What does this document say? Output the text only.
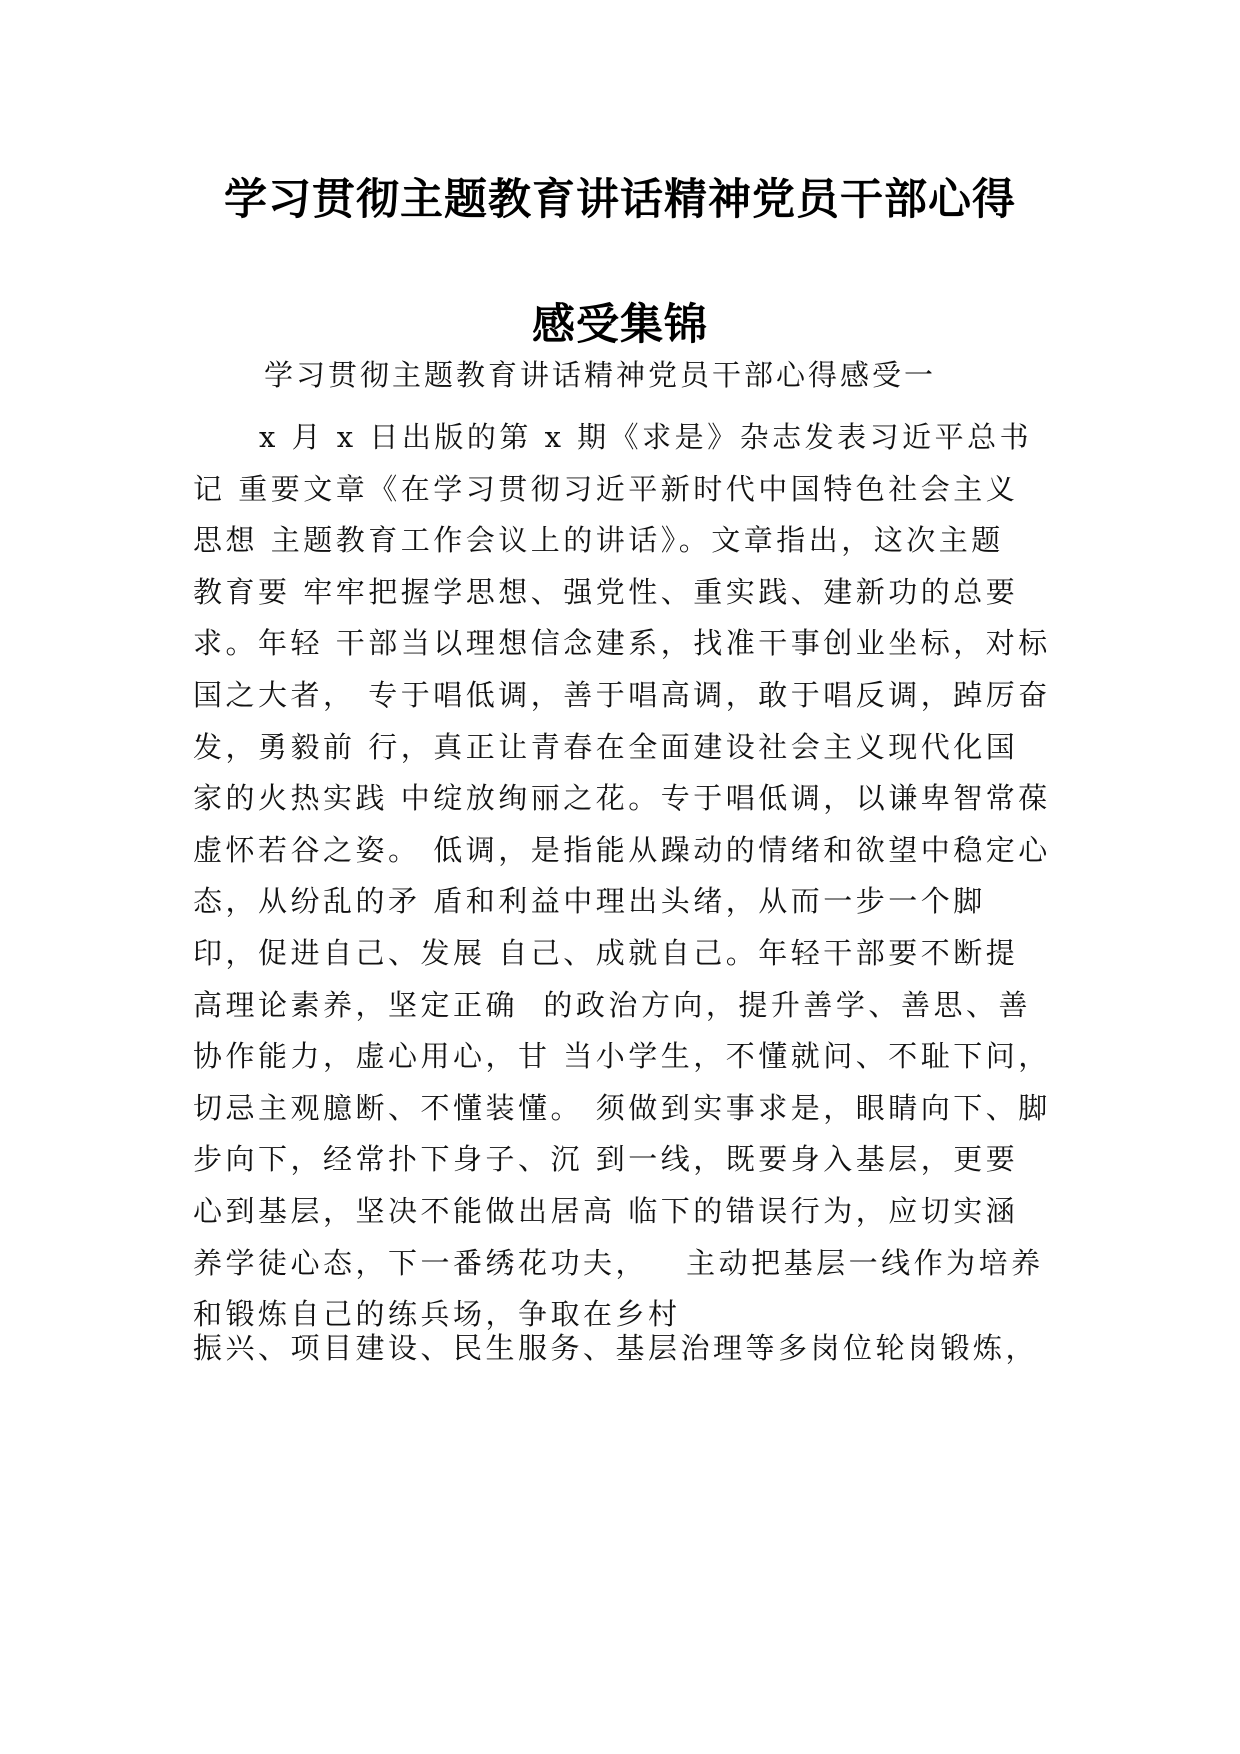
学习贯彻主题教育讲话精神党员干部心得
感受集锦
学习贯彻主题教育讲话精神党员干部心得感受一
x 月 x 日出版的第 x 期《求是》杂志发表习近平总书
记 重要文章《在学习贯彻习近平新时代中国特色社会主义
思想 主题教育工作会议上的讲话》。文章指出，这次主题
教育要 牢牢把握学思想、强党性、重实践、建新功的总要
求。年轻 干部当以理想信念建系，找准干事创业坐标，对标
国之大者， 专于唱低调，善于唱高调，敢于唱反调，踔厉奋
发，勇毅前 行，真正让青春在全面建设社会主义现代化国
家的火热实践 中绽放绚丽之花。专于唱低调，以谦卑智常葆
虚怀若谷之姿。 低调，是指能从躁动的情绪和欲望中稳定心
态，从纷乱的矛 盾和利益中理出头绪，从而一步一个脚
印，促进自己、发展 自己、成就自己。年轻干部要不断提
高理论素养，坚定正确  的政治方向，提升善学、善思、善
协作能力，虚心用心，甘 当小学生，不懂就问、不耻下问，
切忌主观臆断、不懂装懂。 须做到实事求是，眼睛向下、脚
步向下，经常扑下身子、沉 到一线，既要身入基层，更要
心到基层，坚决不能做出居高 临下的错误行为，应切实涵
养学徒心态，下一番绣花功夫，   主动把基层一线作为培养
和锻炼自己的练兵场，争取在乡村
振兴、项目建设、民生服务、基层治理等多岗位轮岗锻炼，
